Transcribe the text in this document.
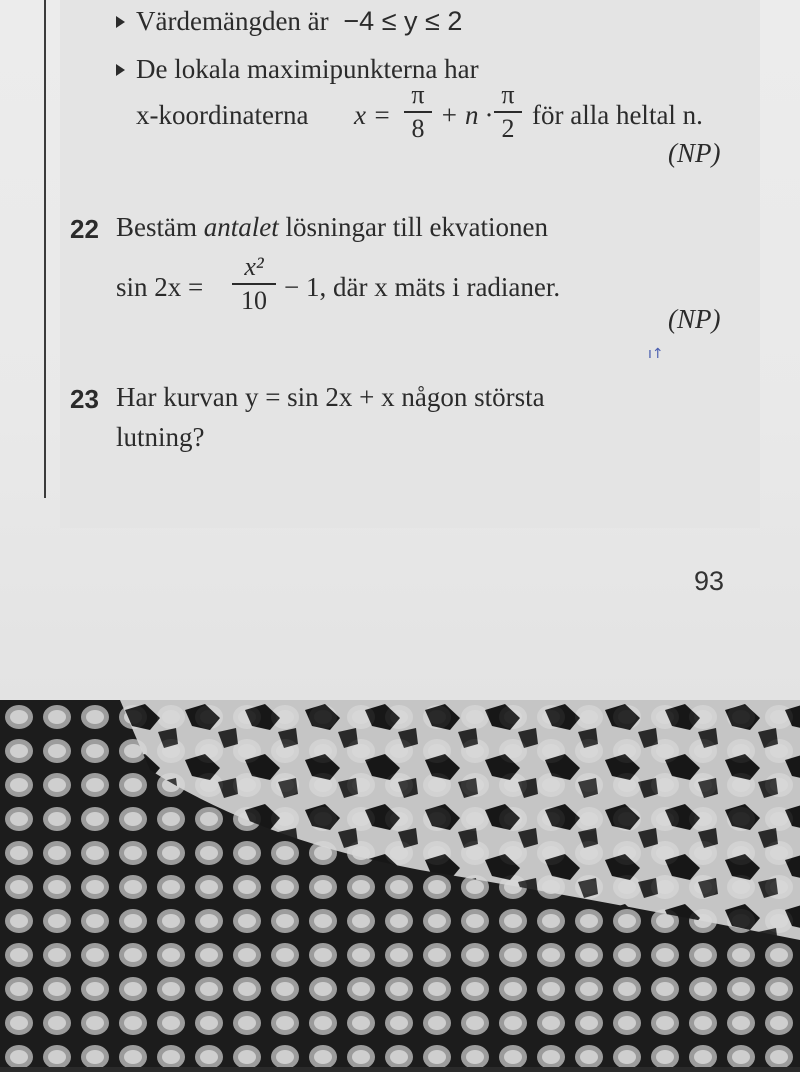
Värdemängden är −4 ≤ y ≤ 2
De lokala maximipunkterna har
x-koordinaterna x =
π
8 + n ·
π
2 för alla heltal n.
(NP)
22 Bestäm antalet lösningar till ekvationen
sin 2x =
x²
10 − 1, där x mäts i radianer.
(NP)
ı↑
23 Har kurvan y = sin 2x + x någon största
lutning?
93
